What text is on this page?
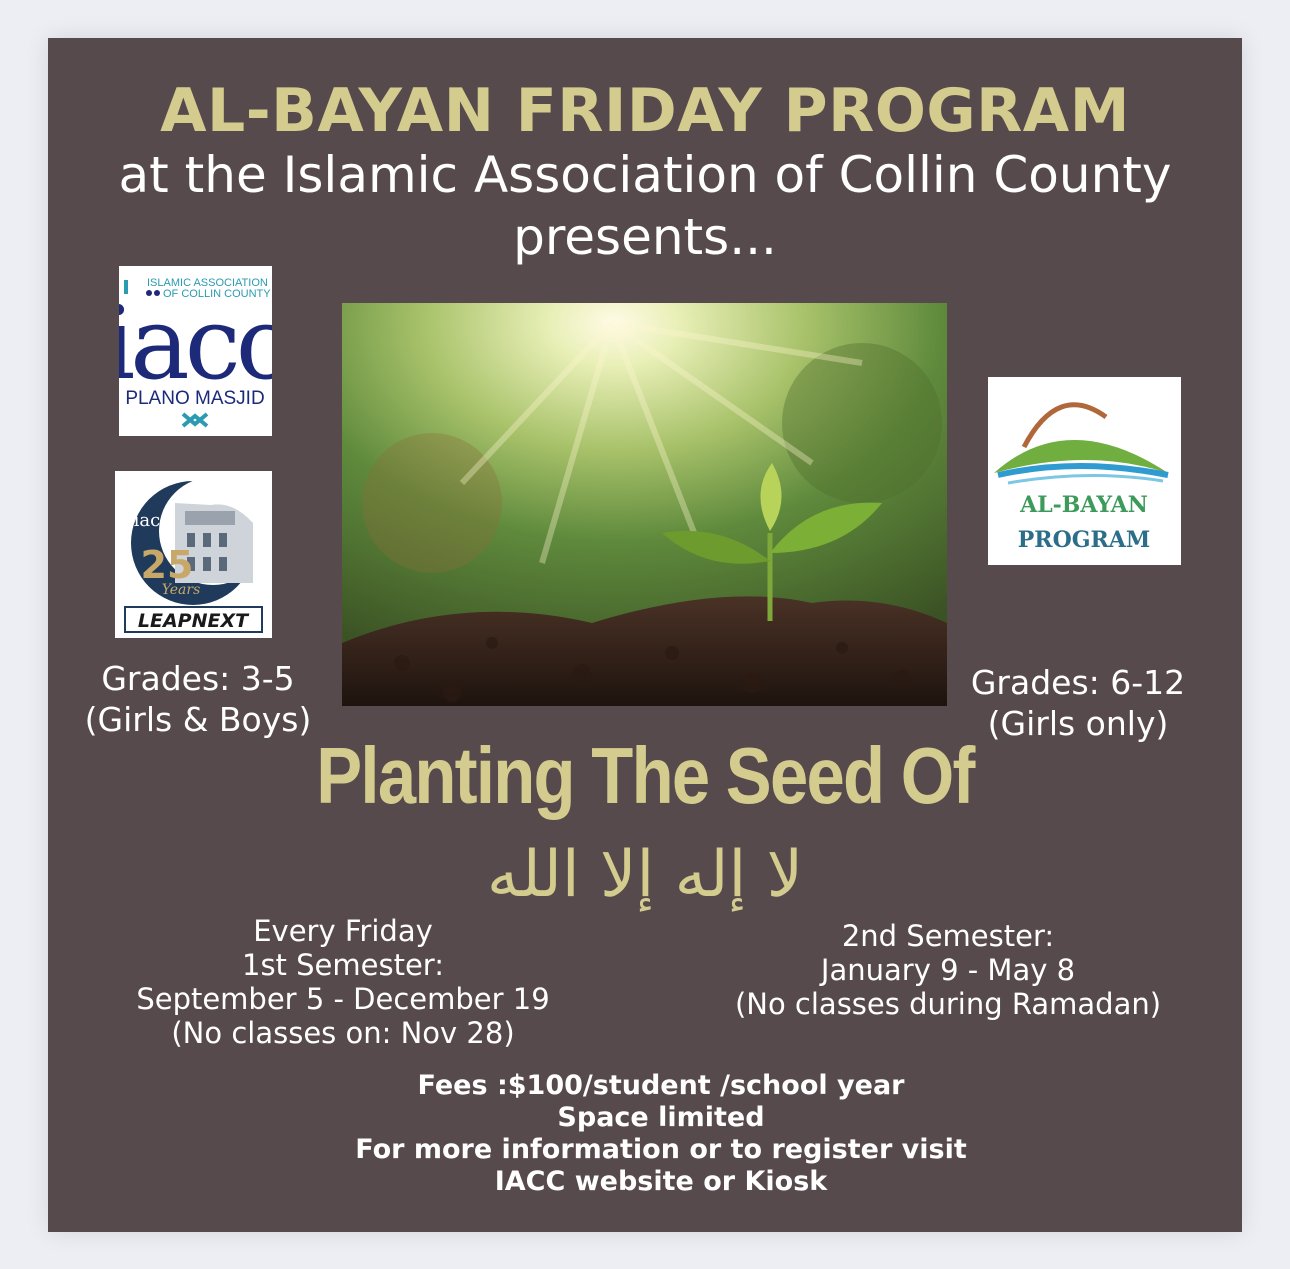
AL-BAYAN FRIDAY PROGRAM
at the Islamic Association of Collin County
presents...
ISLAMIC ASSOCIATION
OF COLLIN COUNTY
acc
PLANO MASJID
iacc
25
Years
LEAPNEXT
AL-BAYAN
PROGRAM
Grades: 3-5
(Girls & Boys)
Grades: 6-12
(Girls only)
Planting The Seed Of
لا إله إلا الله
Every Friday
1st Semester:
September 5 - December 19
(No classes on: Nov 28)
2nd Semester:
January 9 - May 8
(No classes during Ramadan)
Fees :$100/student /school year
Space limited
For more information or to register visit
IACC website or Kiosk
